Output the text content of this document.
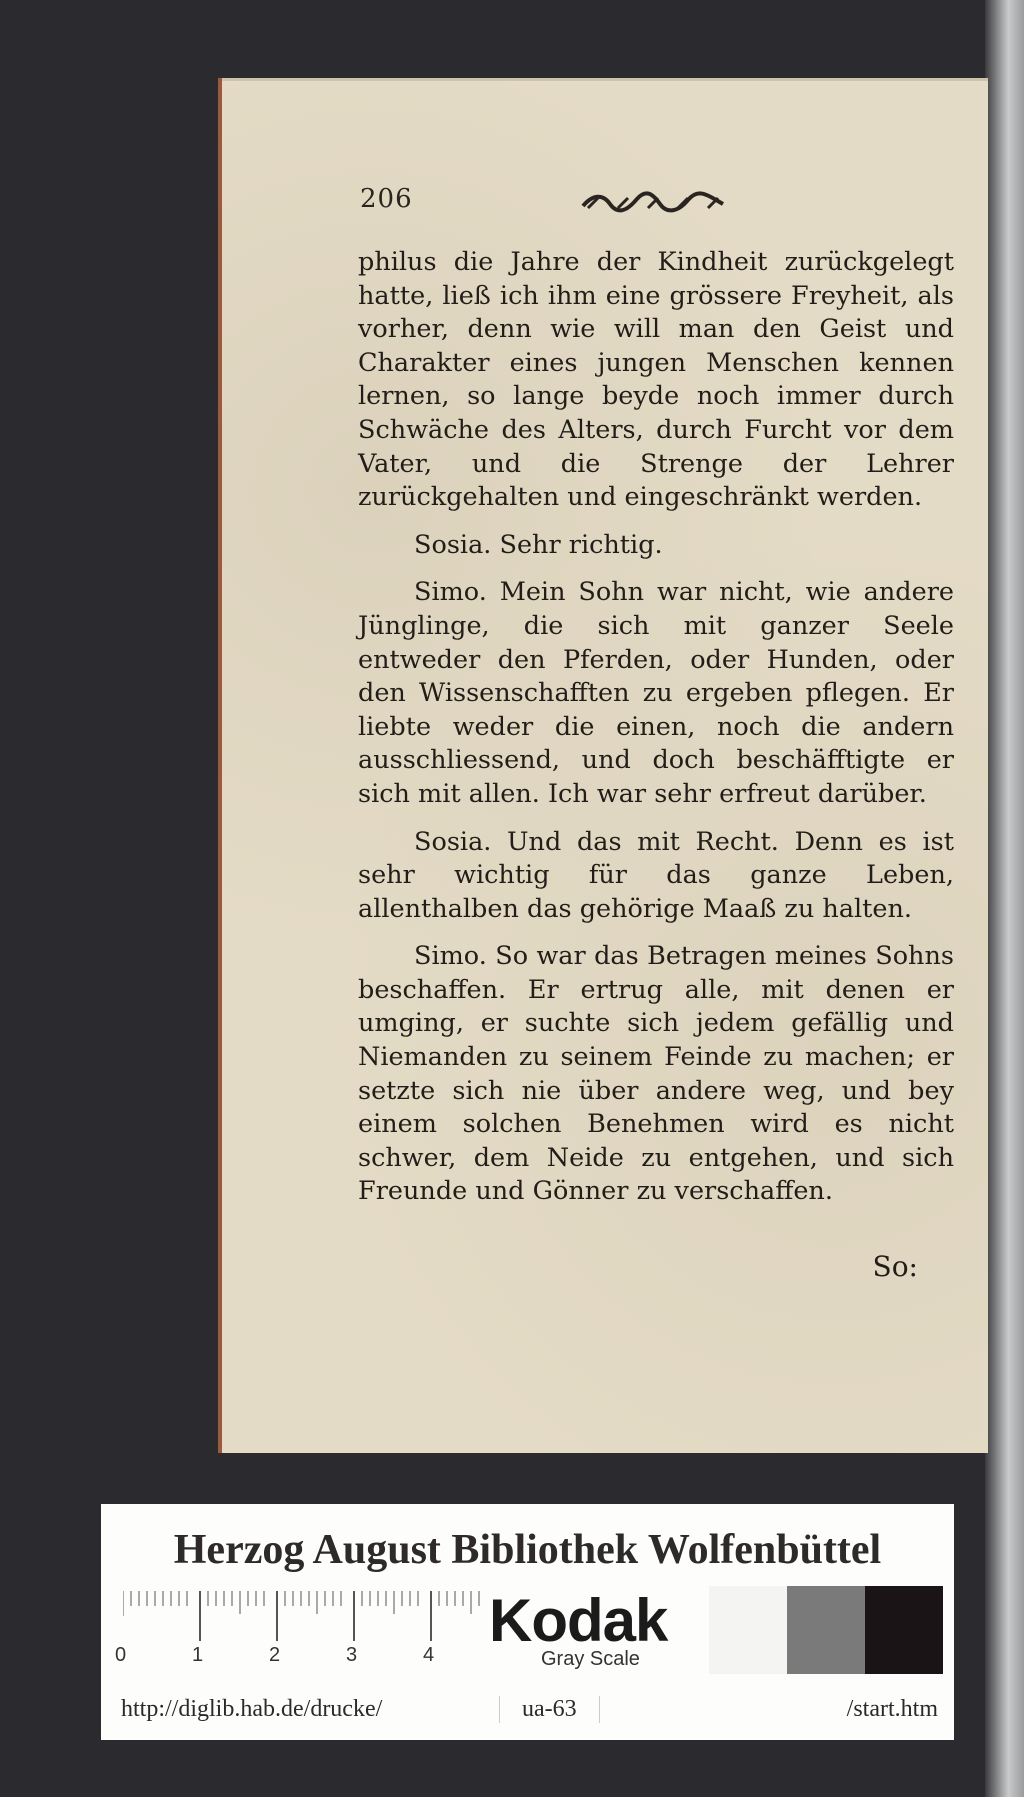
206

philus die Jahre der Kindheit zurückgelegt hatte, ließ ich ihm eine grössere Freyheit, als vorher, denn wie will man den Geist und Charakter eines jungen Menschen kennen lernen, so lange beyde noch immer durch Schwäche des Alters, durch Furcht vor dem Vater, und die Strenge der Lehrer zurückgehalten und eingeschränkt werden.

Sosia. Sehr richtig.

Simo. Mein Sohn war nicht, wie andere Jünglinge, die sich mit ganzer Seele entweder den Pferden, oder Hunden, oder den Wissenschafften zu ergeben pflegen. Er liebte weder die einen, noch die andern ausschliessend, und doch beschäfftigte er sich mit allen. Ich war sehr erfreut darüber.

Sosia. Und das mit Recht. Denn es ist sehr wichtig für das ganze Leben, allenthalben das gehörige Maaß zu halten.

Simo. So war das Betragen meines Sohns beschaffen. Er ertrug alle, mit denen er umging, er suchte sich jedem gefällig und Niemanden zu seinem Feinde zu machen; er setzte sich nie über andere weg, und bey einem solchen Benehmen wird es nicht schwer, dem Neide zu entgehen, und sich Freunde und Gönner zu verschaffen.

So:
Herzog August Bibliothek Wolfenbüttel
0	1	2	3	4
Kodak
Gray Scale
http://diglib.hab.de/drucke/	ua-63	/start.htm
